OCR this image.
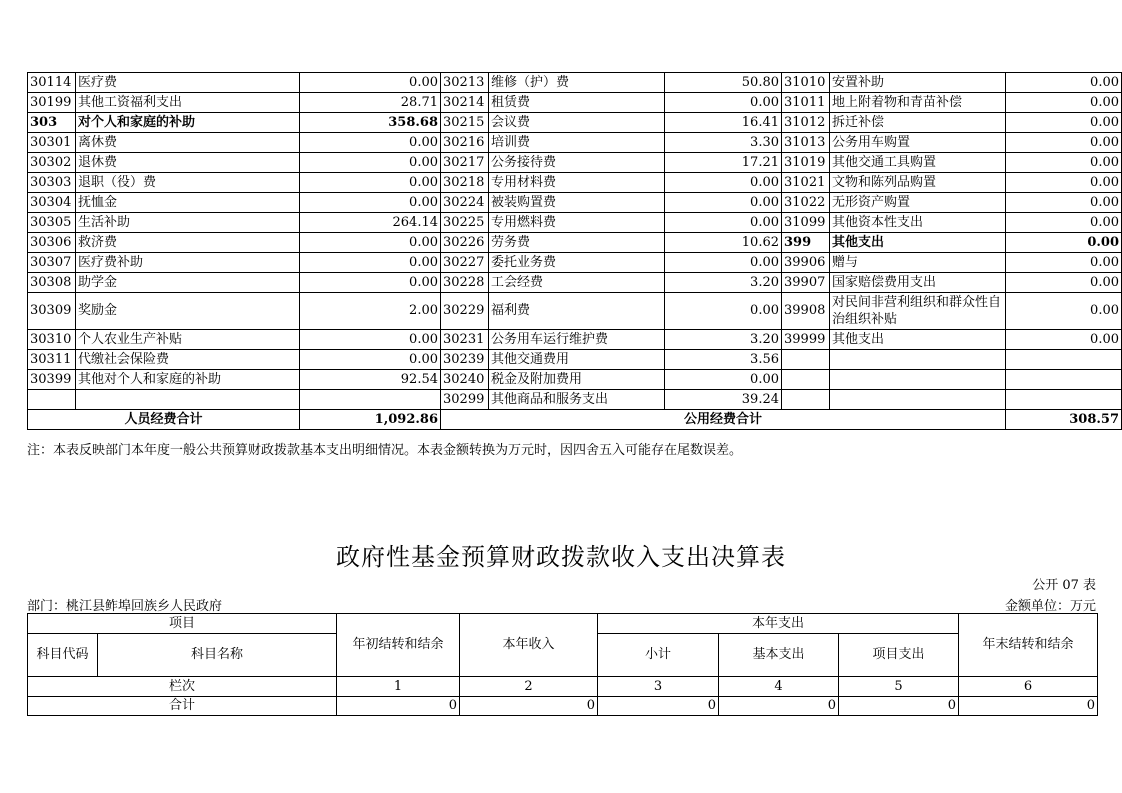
30114	医疗费	0.00	30213	维修（护）费	50.80	31010	安置补助	0.00
30199	其他工资福利支出	28.71	30214	租赁费	0.00	31011	地上附着物和青苗补偿	0.00
303	对个人和家庭的补助	358.68	30215	会议费	16.41	31012	拆迁补偿	0.00
30301	离休费	0.00	30216	培训费	3.30	31013	公务用车购置	0.00
30302	退休费	0.00	30217	公务接待费	17.21	31019	其他交通工具购置	0.00
30303	退职（役）费	0.00	30218	专用材料费	0.00	31021	文物和陈列品购置	0.00
30304	抚恤金	0.00	30224	被装购置费	0.00	31022	无形资产购置	0.00
30305	生活补助	264.14	30225	专用燃料费	0.00	31099	其他资本性支出	0.00
30306	救济费	0.00	30226	劳务费	10.62	399	其他支出	0.00
30307	医疗费补助	0.00	30227	委托业务费	0.00	39906	赠与	0.00
30308	助学金	0.00	30228	工会经费	3.20	39907	国家赔偿费用支出	0.00
30309	奖励金	2.00	30229	福利费	0.00	39908	对民间非营利组织和群众性自治组织补贴	0.00
30310	个人农业生产补贴	0.00	30231	公务用车运行维护费	3.20	39999	其他支出	0.00
30311	代缴社会保险费	0.00	30239	其他交通费用	3.56			
30399	其他对个人和家庭的补助	92.54	30240	税金及附加费用	0.00			
			30299	其他商品和服务支出	39.24			
人员经费合计		1,092.86	公用经费合计					308.57
注：本表反映部门本年度一般公共预算财政拨款基本支出明细情况。本表金额转换为万元时，因四舍五入可能存在尾数误差。
政府性基金预算财政拨款收入支出决算表
公开 07 表
部门：桃江县鲊埠回族乡人民政府	金额单位：万元
项目		年初结转和结余	本年收入	本年支出			年末结转和结余
科目代码	科目名称			小计	基本支出	项目支出	
栏次		1	2	3	4	5	6
合计		0	0	0	0	0	0
